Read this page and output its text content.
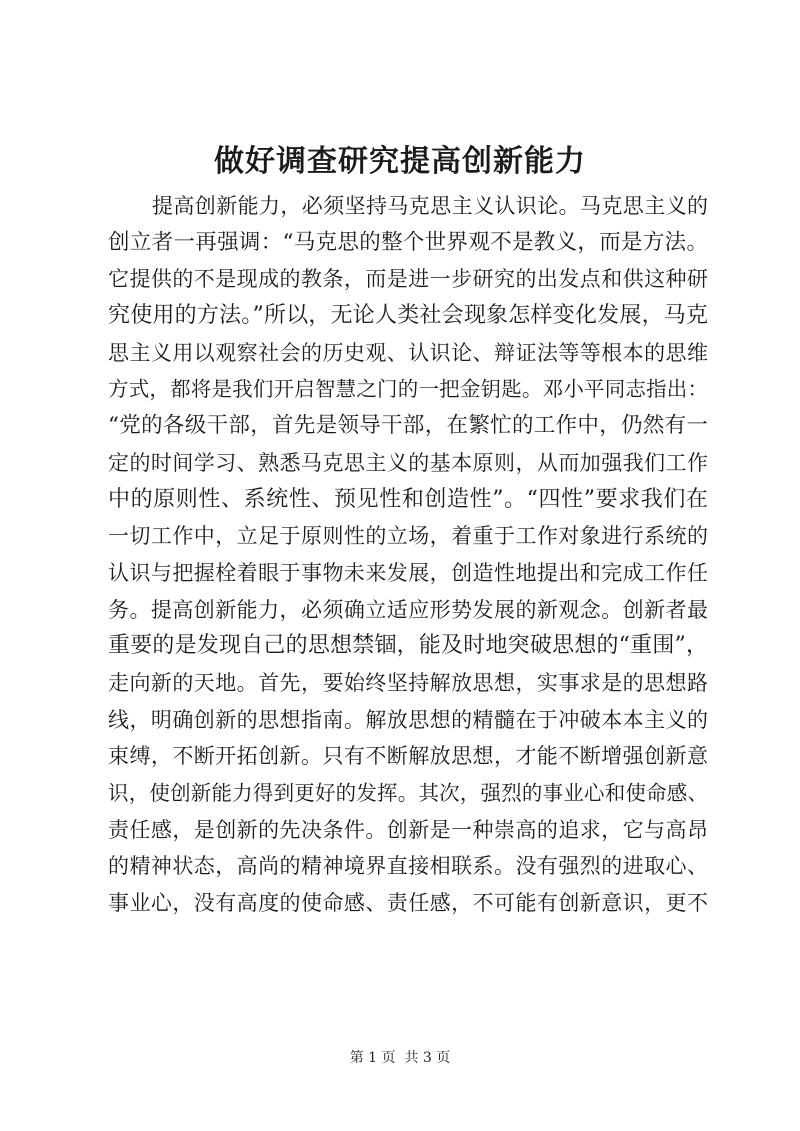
做好调查研究提高创新能力
提高创新能力，必须坚持马克思主义认识论。马克思主义的
创立者一再强调：“马克思的整个世界观不是教义，而是方法。
它提供的不是现成的教条，而是进一步研究的出发点和供这种研
究使用的方法。”所以，无论人类社会现象怎样变化发展，马克
思主义用以观察社会的历史观、认识论、辩证法等等根本的思维
方式，都将是我们开启智慧之门的一把金钥匙。邓小平同志指出：
“党的各级干部，首先是领导干部，在繁忙的工作中，仍然有一
定的时间学习、熟悉马克思主义的基本原则，从而加强我们工作
中的原则性、系统性、预见性和创造性”。“四性”要求我们在
一切工作中，立足于原则性的立场，着重于工作对象进行系统的
认识与把握栓着眼于事物未来发展，创造性地提出和完成工作任
务。提高创新能力，必须确立适应形势发展的新观念。创新者最
重要的是发现自己的思想禁锢，能及时地突破思想的“重围”，
走向新的天地。首先，要始终坚持解放思想，实事求是的思想路
线，明确创新的思想指南。解放思想的精髓在于冲破本本主义的
束缚，不断开拓创新。只有不断解放思想，才能不断增强创新意
识，使创新能力得到更好的发挥。其次，强烈的事业心和使命感、
责任感，是创新的先决条件。创新是一种崇高的追求，它与高昂
的精神状态，高尚的精神境界直接相联系。没有强烈的进取心、
事业心，没有高度的使命感、责任感，不可能有创新意识，更不
第 1 页  共 3 页
